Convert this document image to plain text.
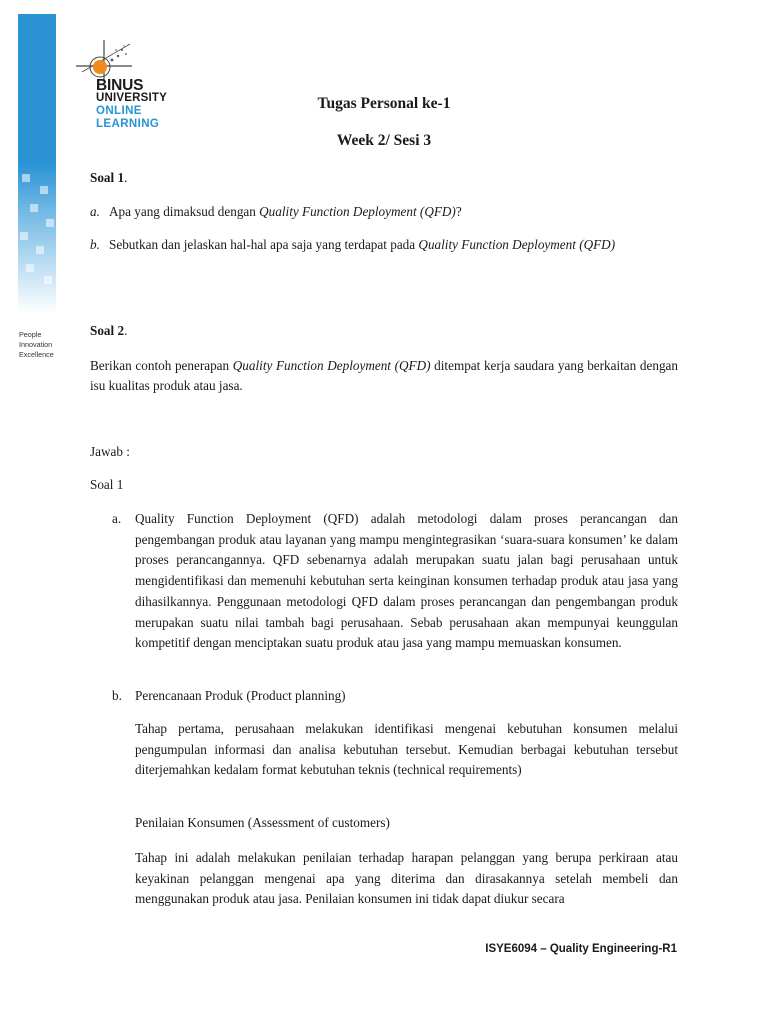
People
Innovation
Excellence
BINUS
UNIVERSITY
ONLINE
LEARNING
Tugas Personal ke-1
Week 2/ Sesi 3
Soal 1.
a. Apa yang dimaksud dengan Quality Function Deployment (QFD)?

b. Sebutkan dan jelaskan hal-hal apa saja yang terdapat pada Quality Function Deployment (QFD)

Soal 2.

Berikan contoh penerapan Quality Function Deployment (QFD) ditempat kerja saudara yang berkaitan dengan isu kualitas produk atau jasa.

Jawab :
Soal 1
a. Quality Function Deployment (QFD) adalah metodologi dalam proses perancangan dan pengembangan produk atau layanan yang mampu mengintegrasikan ‘suara-suara konsumen’ ke dalam proses perancangannya. QFD sebenarnya adalah merupakan suatu jalan bagi perusahaan untuk mengidentifikasi dan memenuhi kebutuhan serta keinginan konsumen terhadap produk atau jasa yang dihasilkannya. Penggunaan metodologi QFD dalam proses perancangan dan pengembangan produk merupakan suatu nilai tambah bagi perusahaan. Sebab perusahaan akan mempunyai keunggulan kompetitif dengan menciptakan suatu produk atau jasa yang mampu memuaskan konsumen.

b. Perencanaan Produk (Product planning)

Tahap pertama, perusahaan melakukan identifikasi mengenai kebutuhan konsumen melalui pengumpulan informasi dan analisa kebutuhan tersebut. Kemudian berbagai kebutuhan tersebut diterjemahkan kedalam format kebutuhan teknis (technical requirements)

Penilaian Konsumen (Assessment of customers)

Tahap ini adalah melakukan penilaian terhadap harapan pelanggan yang berupa perkiraan atau keyakinan pelanggan mengenai apa yang diterima dan dirasakannya setelah membeli dan menggunakan produk atau jasa. Penilaian konsumen ini tidak dapat diukur secara

ISYE6094 – Quality Engineering-R1
